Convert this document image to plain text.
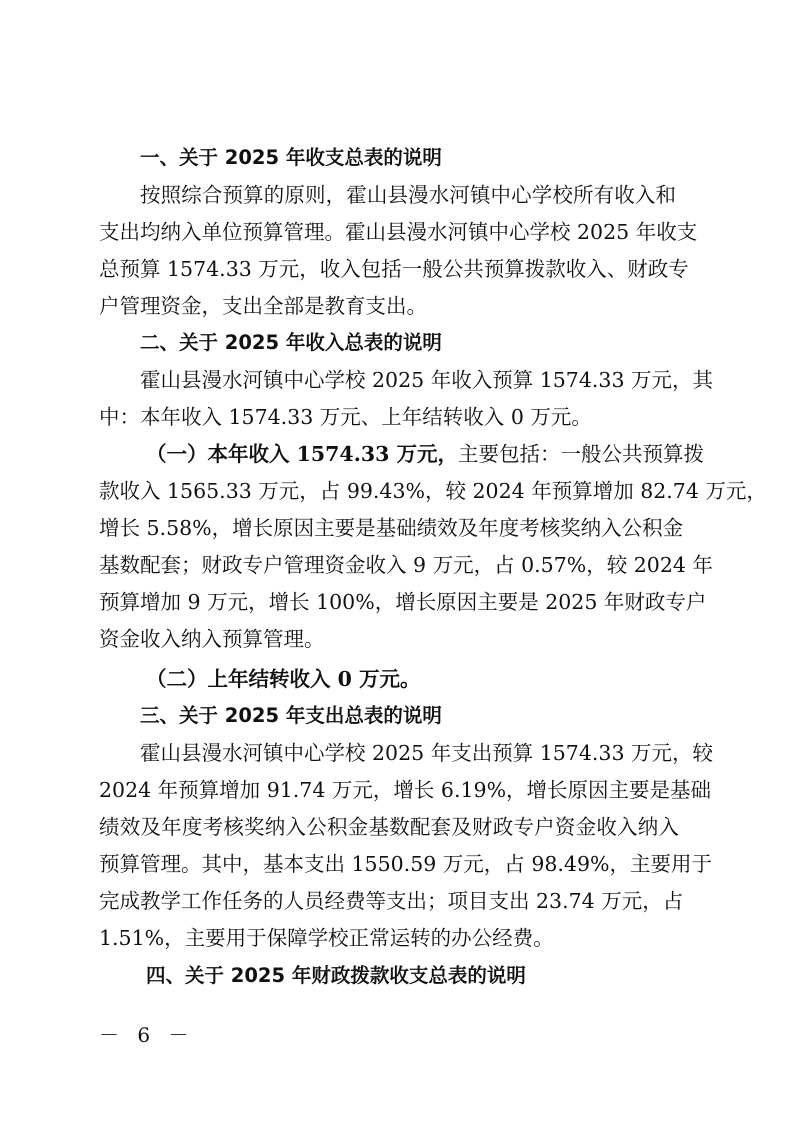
一、关于 2025 年收支总表的说明
按照综合预算的原则，霍山县漫水河镇中心学校所有收入和
支出均纳入单位预算管理。霍山县漫水河镇中心学校 2025 年收支
总预算 1574.33 万元，收入包括一般公共预算拨款收入、财政专
户管理资金，支出全部是教育支出。
二、关于 2025 年收入总表的说明
霍山县漫水河镇中心学校 2025 年收入预算 1574.33 万元，其
中：本年收入 1574.33 万元、上年结转收入 0 万元。
（一）本年收入 1574.33 万元，主要包括：一般公共预算拨
款收入 1565.33 万元，占 99.43%，较 2024 年预算增加 82.74 万元，
增长 5.58%，增长原因主要是基础绩效及年度考核奖纳入公积金
基数配套；财政专户管理资金收入 9 万元，占 0.57%，较 2024 年
预算增加 9 万元，增长 100%，增长原因主要是 2025 年财政专户
资金收入纳入预算管理。
（二）上年结转收入 0 万元。
三、关于 2025 年支出总表的说明
霍山县漫水河镇中心学校 2025 年支出预算 1574.33 万元，较
2024 年预算增加 91.74 万元，增长 6.19%，增长原因主要是基础
绩效及年度考核奖纳入公积金基数配套及财政专户资金收入纳入
预算管理。其中，基本支出 1550.59 万元，占 98.49%，主要用于
完成教学工作任务的人员经费等支出；项目支出 23.74 万元，占
1.51%，主要用于保障学校正常运转的办公经费。
四、关于 2025 年财政拨款收支总表的说明
－ 6 －
